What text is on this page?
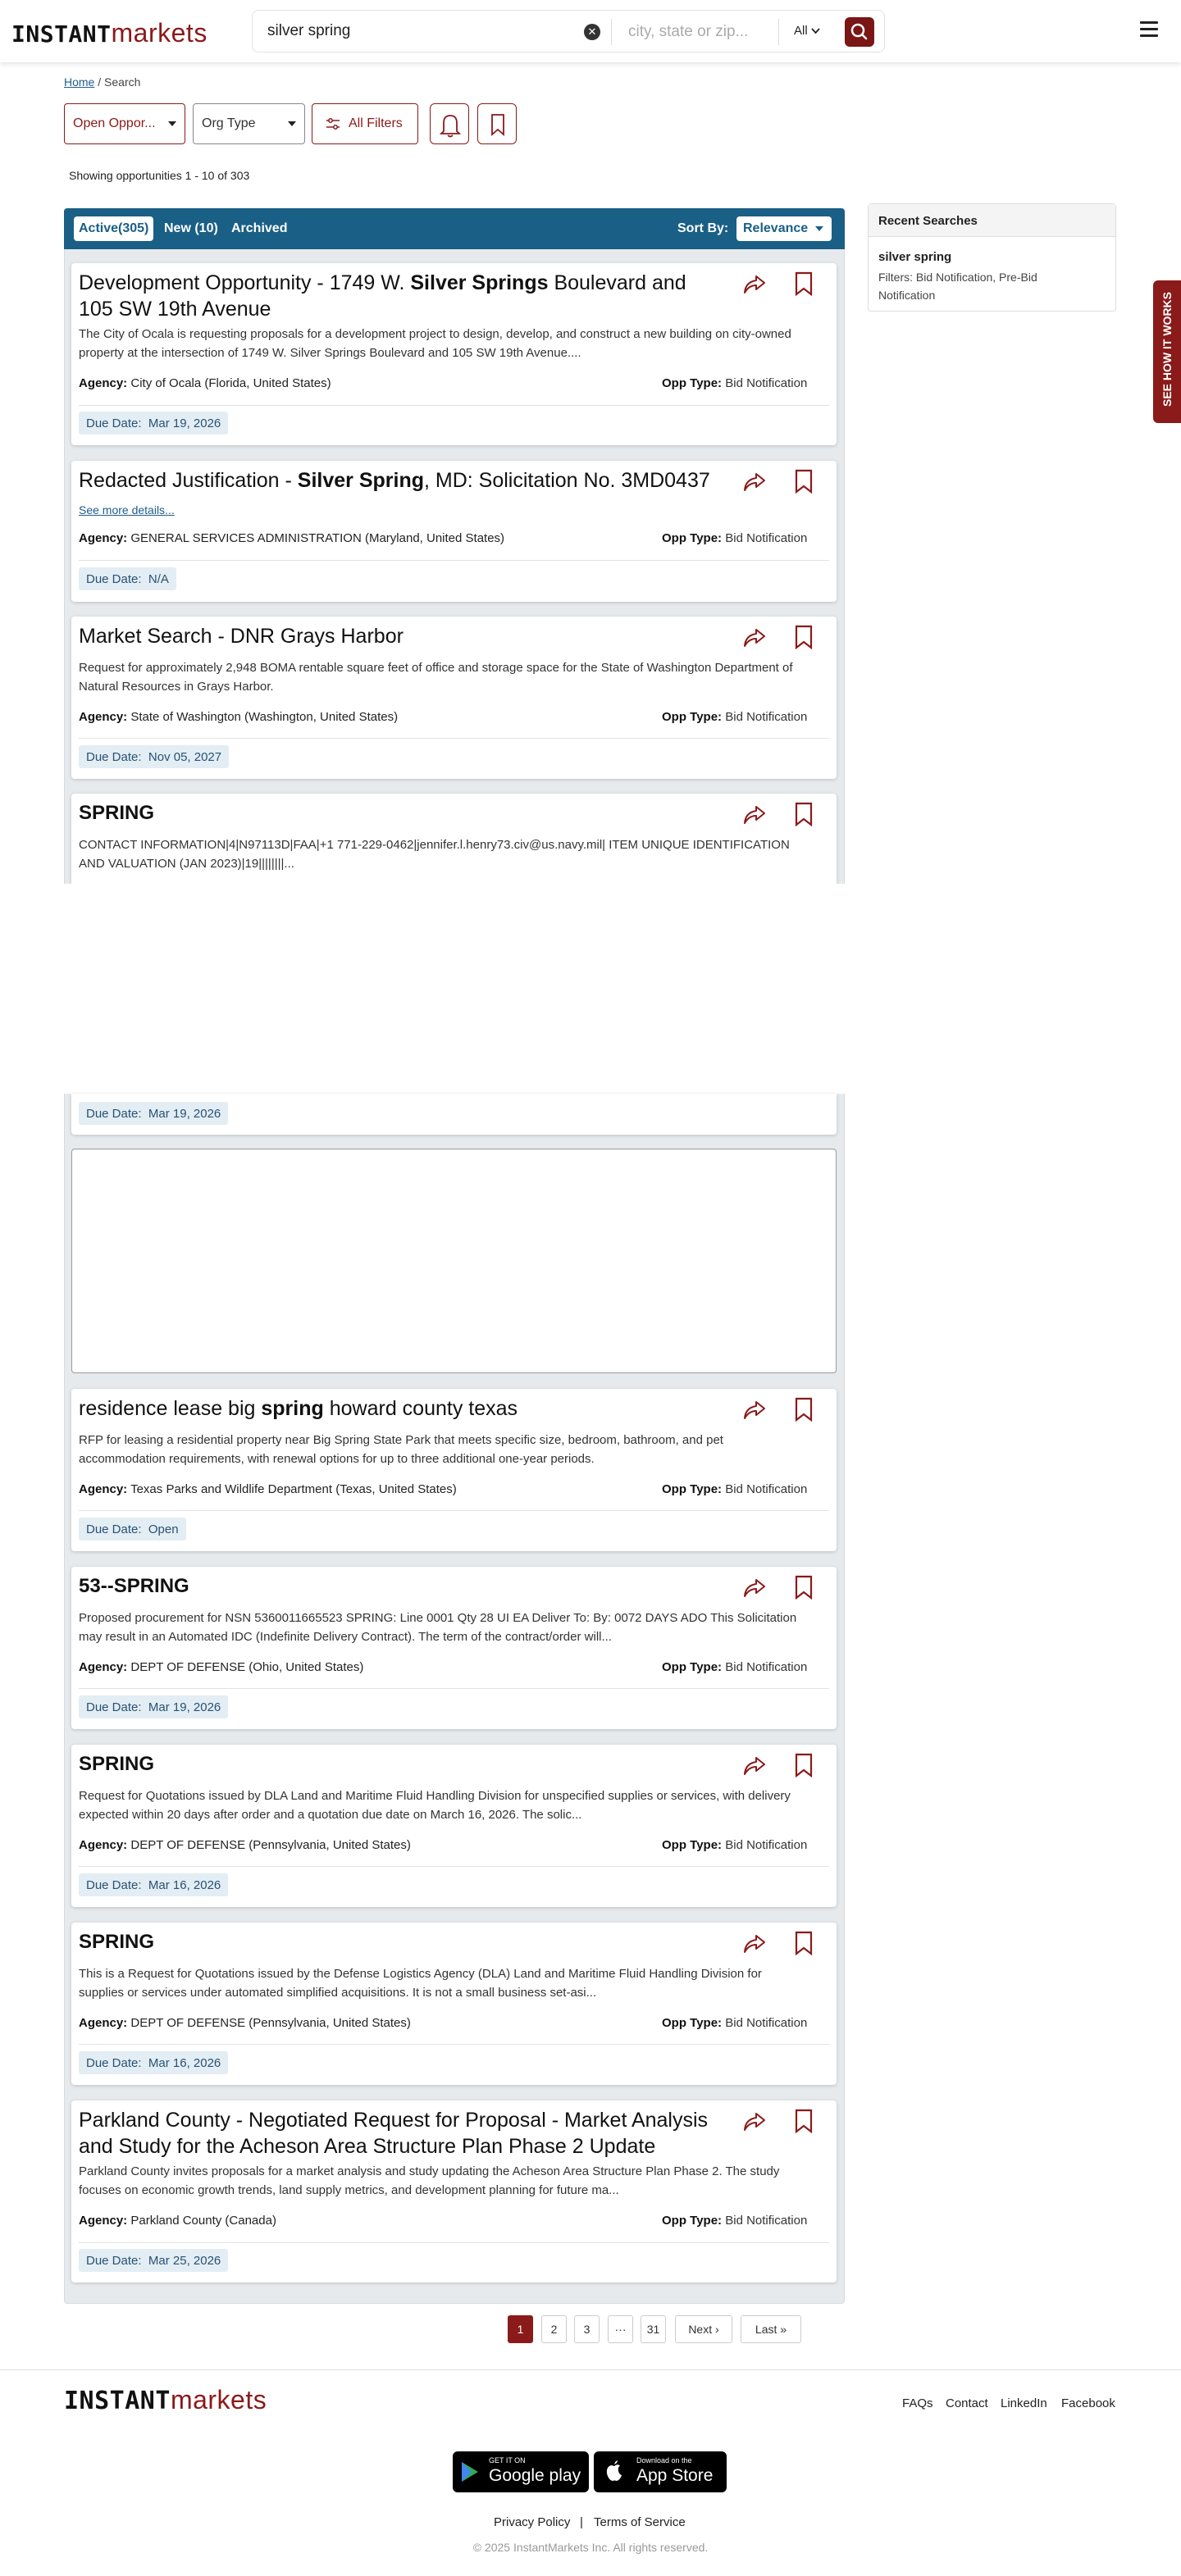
INSTANTmarkets	silver spring	✕ city, state or zip...	All
Home / Search
Open Oppor...	Org Type	All Filters
Showing opportunities 1 - 10 of 303
Active(305)	New (10) Archived	Sort By:	Relevance
Development Opportunity - 1749 W. Silver Springs Boulevard and 105 SW 19th Avenue
The City of Ocala is requesting proposals for a development project to design, develop, and construct a new building on city-owned property at the intersection of 1749 W. Silver Springs Boulevard and 105 SW 19th Avenue....
Agency: City of Ocala (Florida, United States)	Opp Type: Bid Notification
Due Date: Mar 19, 2026
Redacted Justification - Silver Spring, MD: Solicitation No. 3MD0437
See more details...
Agency: GENERAL SERVICES ADMINISTRATION (Maryland, United States)	Opp Type: Bid Notification
Due Date: N/A
Market Search - DNR Grays Harbor
Request for approximately 2,948 BOMA rentable square feet of office and storage space for the State of Washington Department of Natural Resources in Grays Harbor.
Agency: State of Washington (Washington, United States)	Opp Type: Bid Notification
Due Date: Nov 05, 2027
SPRING
CONTACT INFORMATION|4|N97113D|FAA|+1 771-229-0462|jennifer.l.henry73.civ@us.navy.mil| ITEM UNIQUE IDENTIFICATION AND VALUATION (JAN 2023)|19||||||||...
Due Date: Mar 19, 2026
residence lease big spring howard county texas
RFP for leasing a residential property near Big Spring State Park that meets specific size, bedroom, bathroom, and pet accommodation requirements, with renewal options for up to three additional one-year periods.
Agency: Texas Parks and Wildlife Department (Texas, United States)	Opp Type: Bid Notification
Due Date: Open
53--SPRING
Proposed procurement for NSN 5360011665523 SPRING: Line 0001 Qty 28 UI EA Deliver To: By: 0072 DAYS ADO This Solicitation may result in an Automated IDC (Indefinite Delivery Contract). The term of the contract/order will...
Agency: DEPT OF DEFENSE (Ohio, United States)	Opp Type: Bid Notification
Due Date: Mar 19, 2026
SPRING
Request for Quotations issued by DLA Land and Maritime Fluid Handling Division for unspecified supplies or services, with delivery expected within 20 days after order and a quotation due date on March 16, 2026. The solic...
Agency: DEPT OF DEFENSE (Pennsylvania, United States)	Opp Type: Bid Notification
Due Date: Mar 16, 2026
SPRING
This is a Request for Quotations issued by the Defense Logistics Agency (DLA) Land and Maritime Fluid Handling Division for supplies or services under automated simplified acquisitions. It is not a small business set-asi...
Agency: DEPT OF DEFENSE (Pennsylvania, United States)	Opp Type: Bid Notification
Due Date: Mar 16, 2026
Parkland County - Negotiated Request for Proposal - Market Analysis and Study for the Acheson Area Structure Plan Phase 2 Update
Parkland County invites proposals for a market analysis and study updating the Acheson Area Structure Plan Phase 2. The study focuses on economic growth trends, land supply metrics, and development planning for future ma...
Agency: Parkland County (Canada)	Opp Type: Bid Notification
Due Date: Mar 25, 2026
Recent Searches
silver spring
Filters: Bid Notification, Pre-Bid Notification	SEE HOW IT WORKS
1	2	3	···	31	Next ›	Last »
INSTANTmarkets	FAQs Contact LinkedIn Facebook
GET IT ON
Google play
Download on the
App Store
Privacy Policy | Terms of Service
© 2025 InstantMarkets Inc. All rights reserved.
